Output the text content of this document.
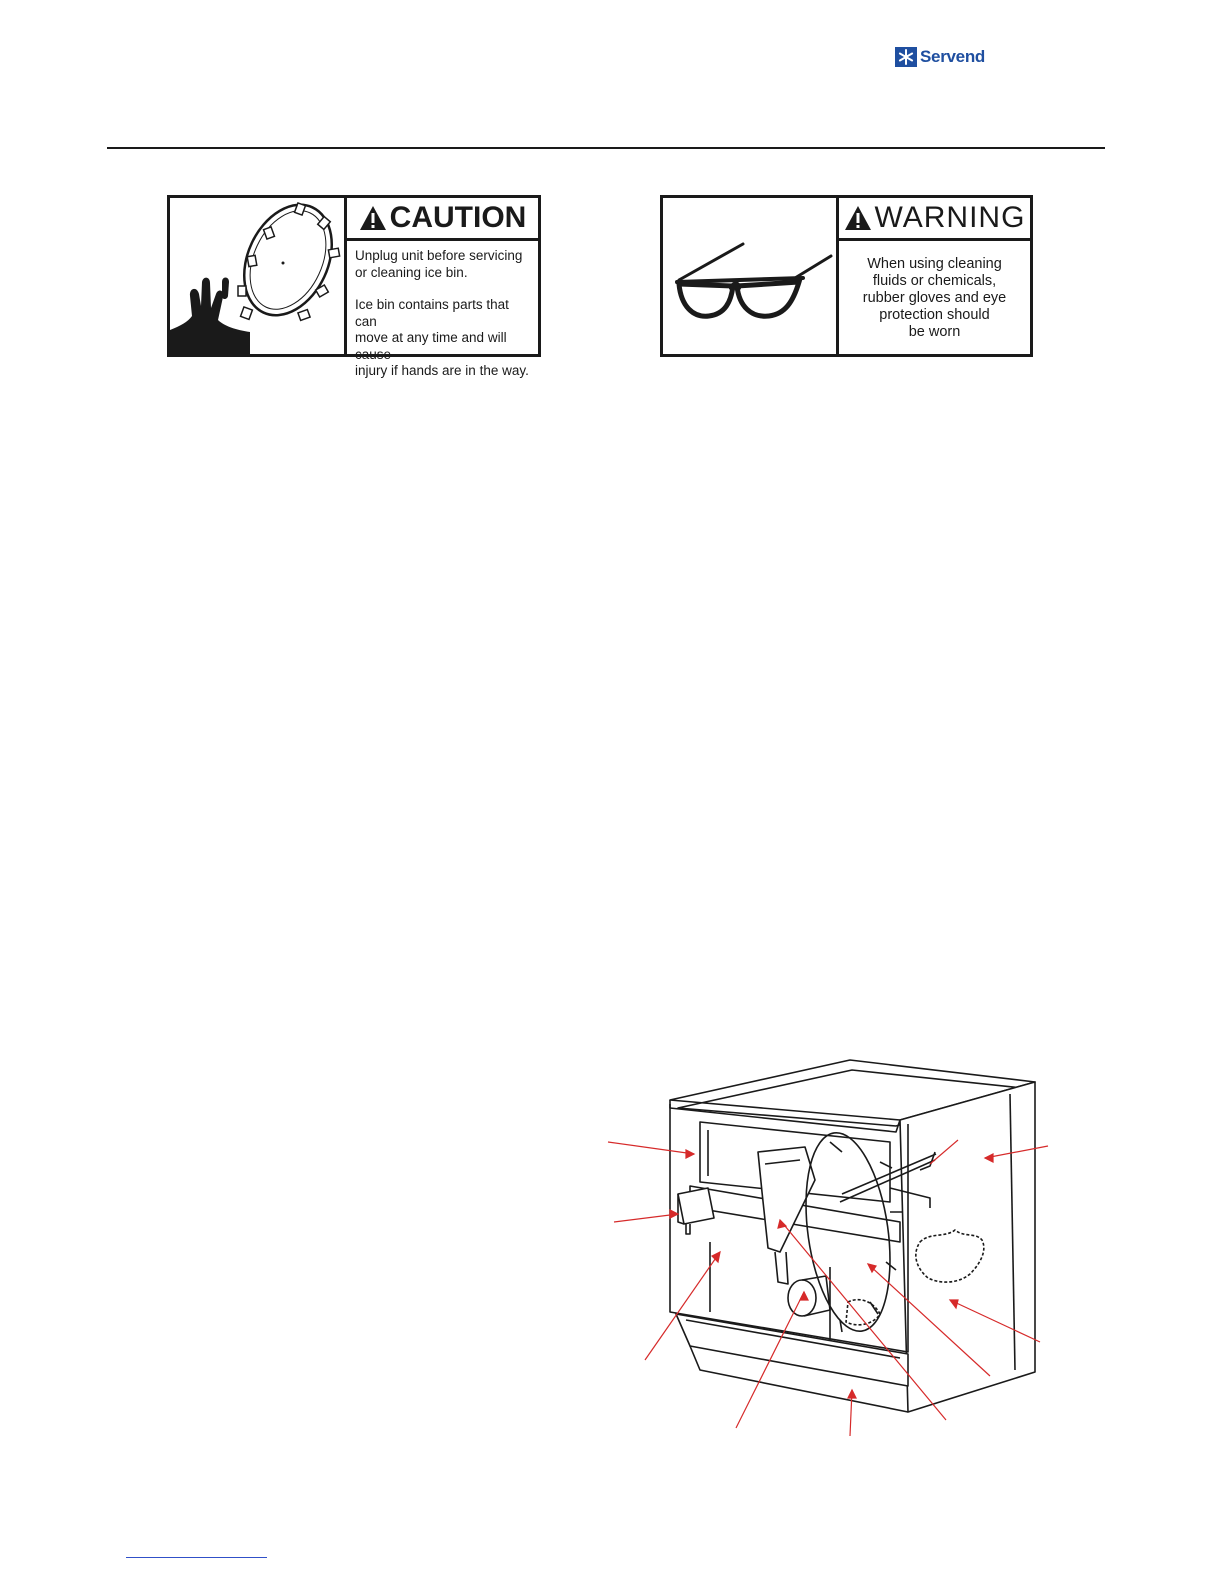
Servend
CAUTION
Unplug unit before servicing
or cleaning ice bin.
Ice bin contains parts that can
move at any time and will cause
injury if hands are in the way.
WARNING
When using cleaning
fluids or chemicals,
rubber gloves and eye
protection should
be worn
